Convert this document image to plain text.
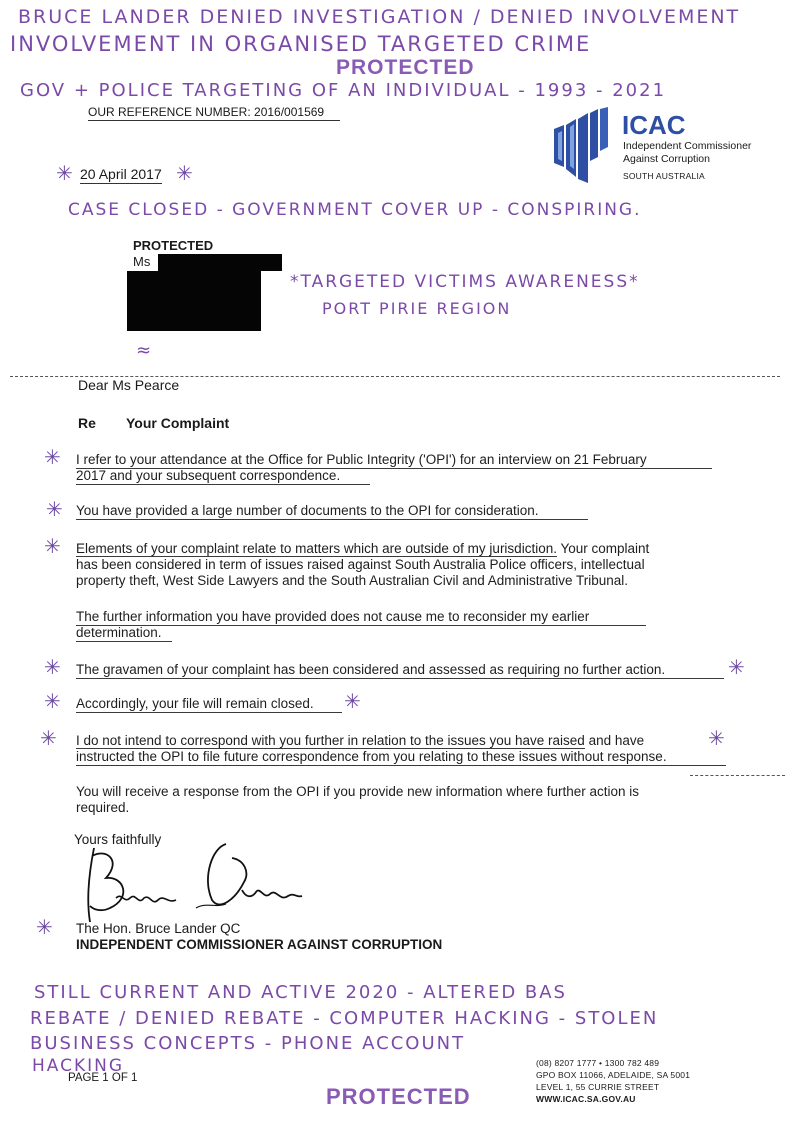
BRUCE LANDER DENIED INVESTIGATION / DENIED INVOLVEMENT
INVOLVEMENT IN ORGANISED TARGETED CRIME
PROTECTED
GOV + POLICE TARGETING OF AN INDIVIDUAL - 1993 - 2021
OUR REFERENCE NUMBER: 2016/001569	ICAC
Independent Commissioner
Against Corruption
SOUTH AUSTRALIA
✳ 20 April 2017 ✳
CASE CLOSED - GOVERNMENT COVER UP - CONSPIRING.
PROTECTED
Ms
*TARGETED VICTIMS AWARENESS*
PORT PIRIE REGION
≈
Dear Ms Pearce
Re Your Complaint
✳ I refer to your attendance at the Office for Public Integrity ('OPI') for an interview on 21 February
2017 and your subsequent correspondence.
✳ You have provided a large number of documents to the OPI for consideration.
✳ Elements of your complaint relate to matters which are outside of my jurisdiction. Your complaint
has been considered in term of issues raised against South Australia Police officers, intellectual
property theft, West Side Lawyers and the South Australian Civil and Administrative Tribunal.
The further information you have provided does not cause me to reconsider my earlier
determination.
✳ The gravamen of your complaint has been considered and assessed as requiring no further action.	✳
✳ Accordingly, your file will remain closed.	✳
✳ I do not intend to correspond with you further in relation to the issues you have raised and have	✳
instructed the OPI to file future correspondence from you relating to these issues without response.
You will receive a response from the OPI if you provide new information where further action is
required.
Yours faithfully
✳ The Hon. Bruce Lander QC
INDEPENDENT COMMISSIONER AGAINST CORRUPTION
STILL CURRENT AND ACTIVE 2020 - ALTERED BAS
REBATE / DENIED REBATE - COMPUTER HACKING - STOLEN
BUSINESS CONCEPTS - PHONE ACCOUNT
HACKING
PAGE 1 OF 1
(08) 8207 1777 • 1300 782 489
GPO BOX 11066, ADELAIDE, SA 5001
LEVEL 1, 55 CURRIE STREET
WWW.ICAC.SA.GOV.AU
PROTECTED
